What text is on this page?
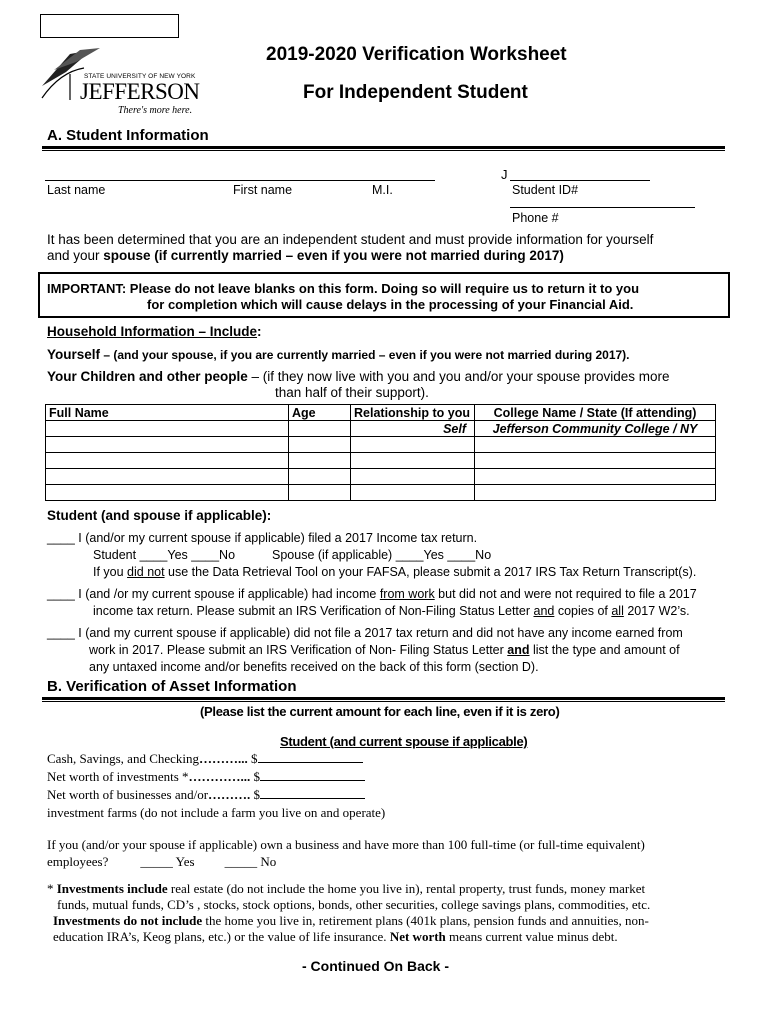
STATE UNIVERSITY OF NEW YORK
JEFFERSON
There's more here.
2019-2020 Verification Worksheet
For Independent Student
A. Student Information
Last name	First name	M.I.
J
Student ID#
Phone #
It has been determined that you are an independent student and must provide information for yourself
and your spouse (if currently married – even if you were not married during 2017)
IMPORTANT: Please do not leave blanks on this form. Doing so will require us to return it to you
for completion which will cause delays in the processing of your Financial Aid.
Household Information – Include:
Yourself – (and your spouse, if you are currently married – even if you were not married during 2017).
Your Children and other people – (if they now live with you and you and/or your spouse provides more
than half of their support).
Full Name	Age	Relationship to you	College Name / State (If attending)
		Self	Jefferson Community College / NY

Student (and spouse if applicable):
____ I (and/or my current spouse if applicable) filed a 2017 Income tax return.
Student ____Yes ____No	Spouse (if applicable) ____Yes ____No
If you did not use the Data Retrieval Tool on your FAFSA, please submit a 2017 IRS Tax Return Transcript(s).
____ I (and /or my current spouse if applicable) had income from work but did not and were not required to file a 2017
income tax return. Please submit an IRS Verification of Non-Filing Status Letter and copies of all 2017 W2’s.
____ I (and my current spouse if applicable) did not file a 2017 tax return and did not have any income earned from
work in 2017. Please submit an IRS Verification of Non- Filing Status Letter and list the type and amount of
any untaxed income and/or benefits received on the back of this form (section D).
B. Verification of Asset Information
(Please list the current amount for each line, even if it is zero)
Student (and current spouse if applicable)
Cash, Savings, and Checking………... $
Net worth of investments *…………... $
Net worth of businesses and/or………. $
investment farms (do not include a farm you live on and operate)
If you (and/or your spouse if applicable) own a business and have more than 100 full-time (or full-time equivalent)
employees? _____ Yes _____ No
* Investments include real estate (do not include the home you live in), rental property, trust funds, money market
funds, mutual funds, CD’s , stocks, stock options, bonds, other securities, college savings plans, commodities, etc.
Investments do not include the home you live in, retirement plans (401k plans, pension funds and annuities, non-
education IRA’s, Keog plans, etc.) or the value of life insurance. Net worth means current value minus debt.
- Continued On Back -
